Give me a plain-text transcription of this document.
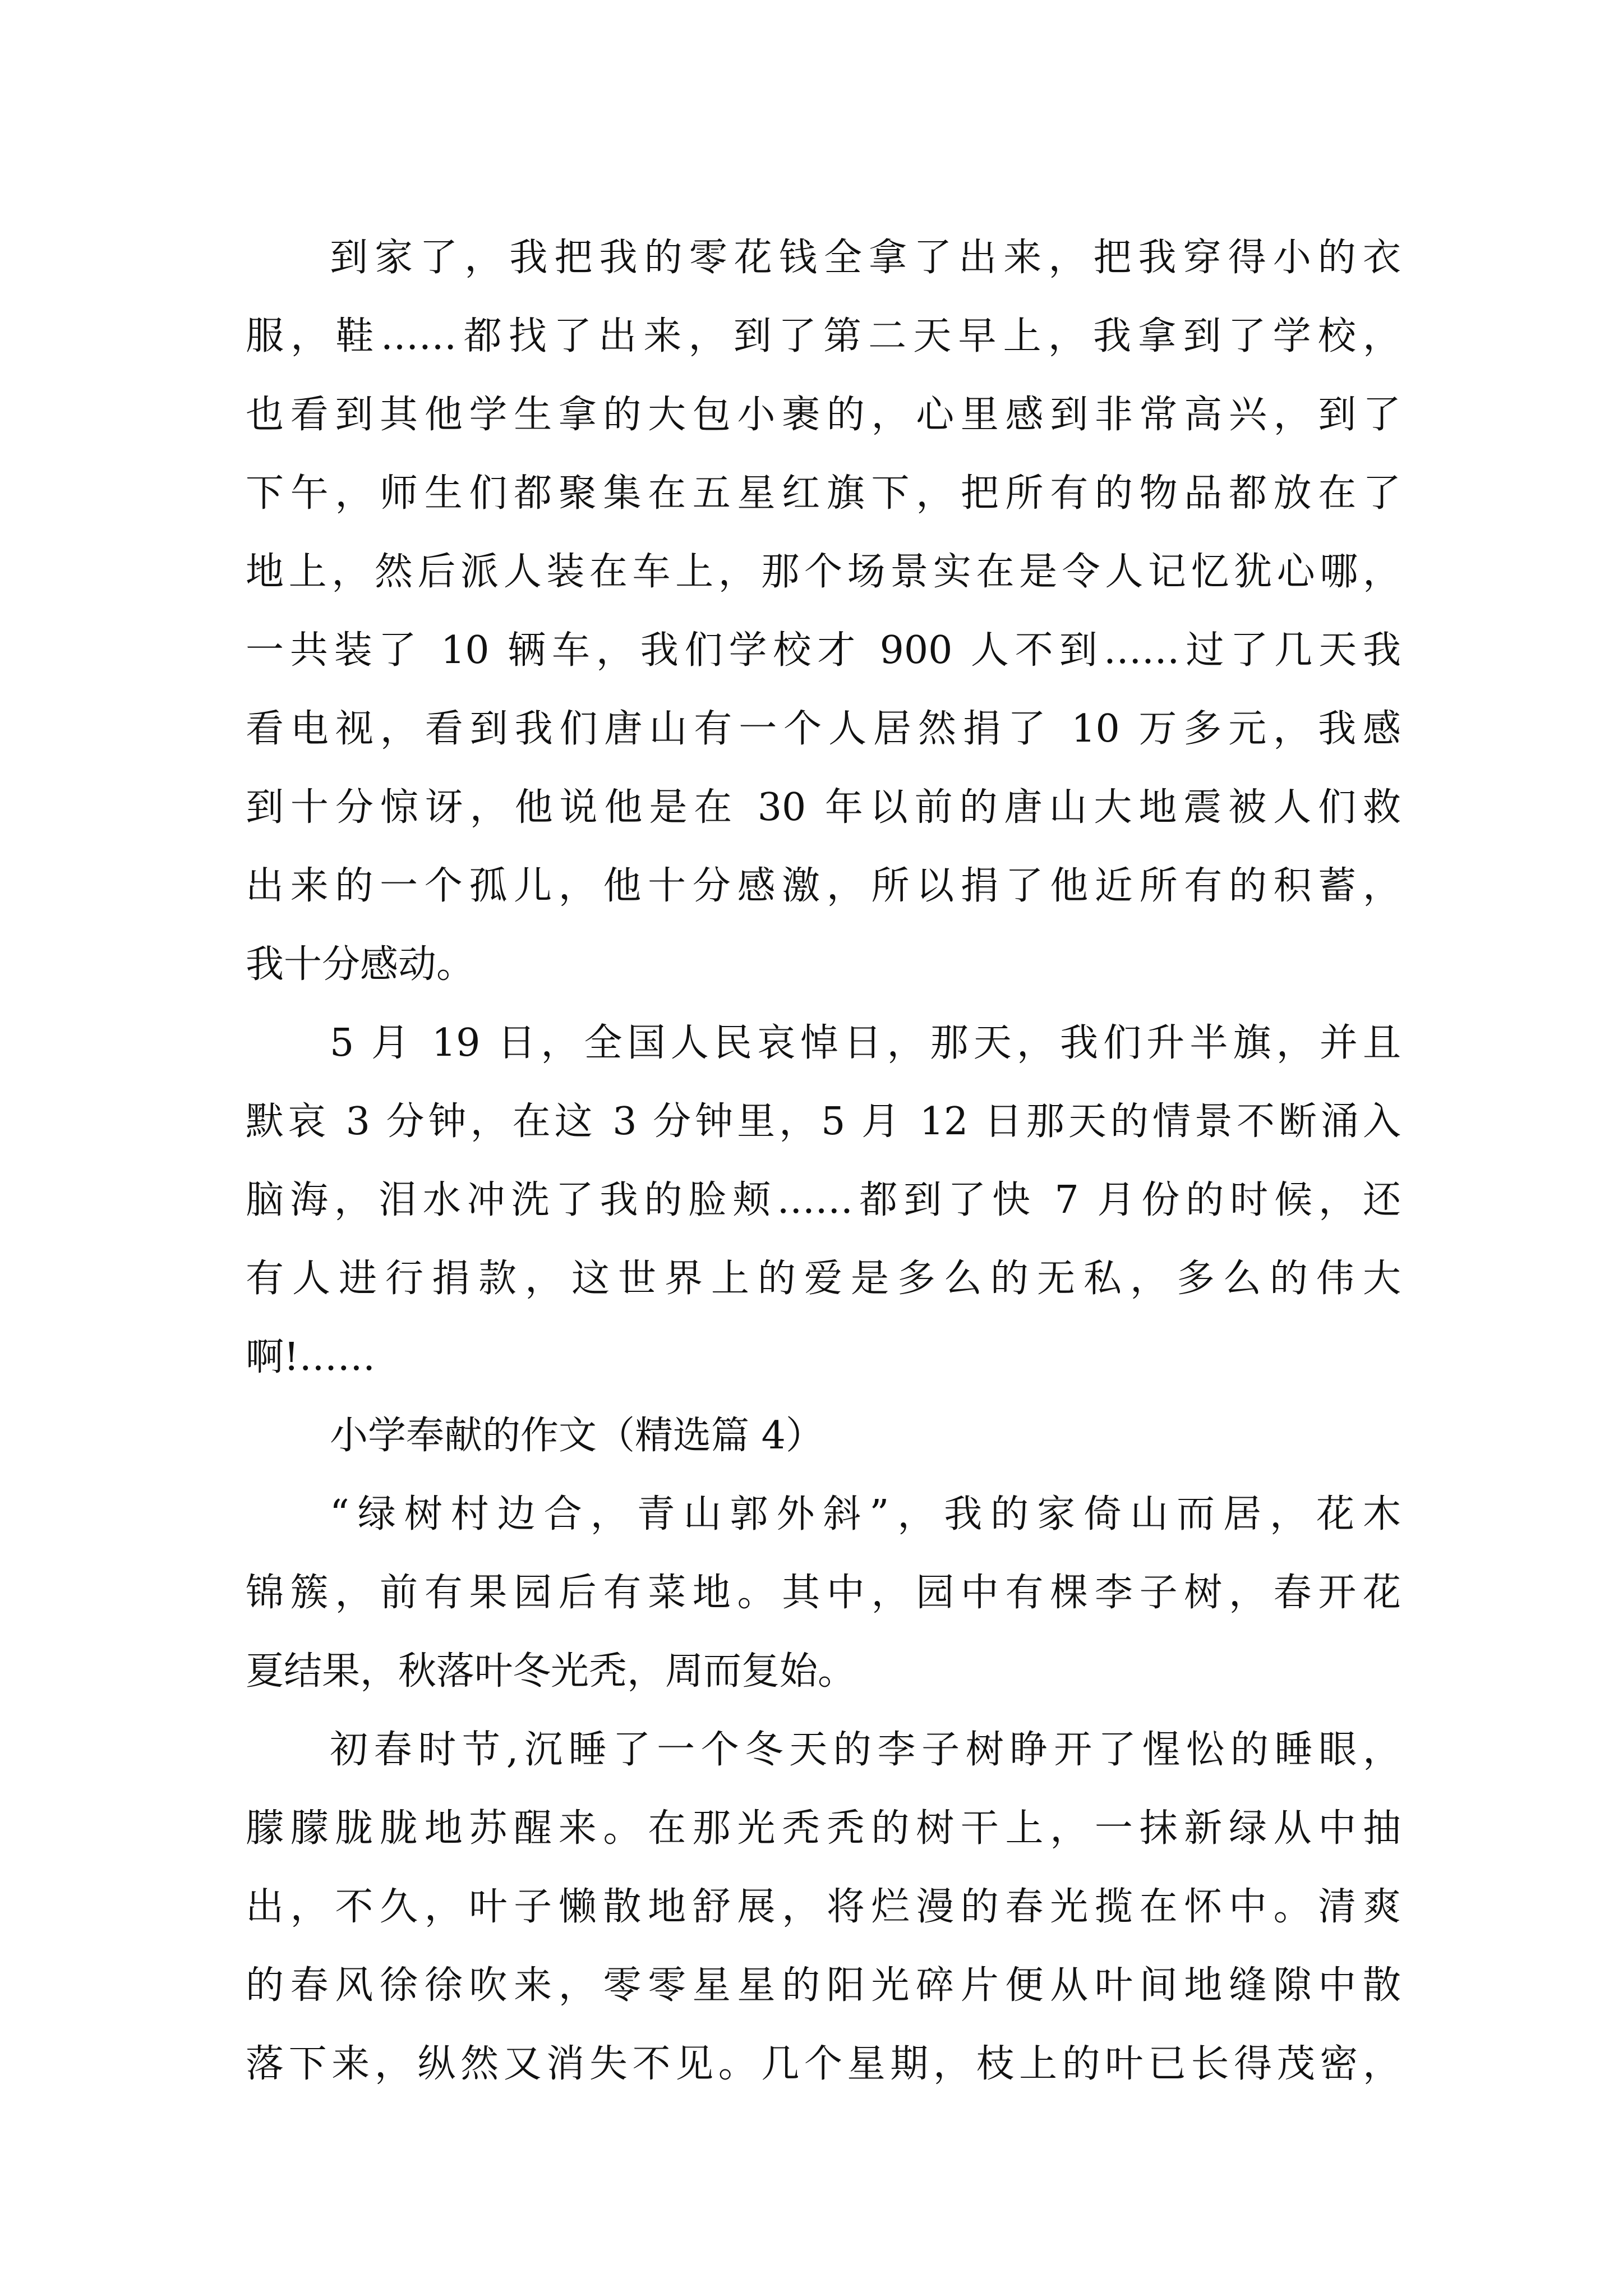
到家了，我把我的零花钱全拿了出来，把我穿得小的衣
服，鞋……都找了出来，到了第二天早上，我拿到了学校，
也看到其他学生拿的大包小裹的，心里感到非常高兴，到了
下午，师生们都聚集在五星红旗下，把所有的物品都放在了
地上，然后派人装在车上，那个场景实在是令人记忆犹心哪，
一共装了 10 辆车，我们学校才 900 人不到……过了几天我
看电视，看到我们唐山有一个人居然捐了 10 万多元，我感
到十分惊讶，他说他是在 30 年以前的唐山大地震被人们救
出来的一个孤儿，他十分感激，所以捐了他近所有的积蓄，
我十分感动。
5 月 19 日，全国人民哀悼日，那天，我们升半旗，并且
默哀 3 分钟，在这 3 分钟里，5 月 12 日那天的情景不断涌入
脑海，泪水冲洗了我的脸颊……都到了快 7 月份的时候，还
有人进行捐款，这世界上的爱是多么的无私，多么的伟大
啊!……
小学奉献的作文（精选篇 4）
“绿树村边合，青山郭外斜”，我的家倚山而居，花木
锦簇，前有果园后有菜地。其中，园中有棵李子树，春开花
夏结果，秋落叶冬光秃，周而复始。
初春时节,沉睡了一个冬天的李子树睁开了惺忪的睡眼，
朦朦胧胧地苏醒来。在那光秃秃的树干上，一抹新绿从中抽
出，不久，叶子懒散地舒展，将烂漫的春光揽在怀中。清爽
的春风徐徐吹来，零零星星的阳光碎片便从叶间地缝隙中散
落下来，纵然又消失不见。几个星期，枝上的叶已长得茂密，
